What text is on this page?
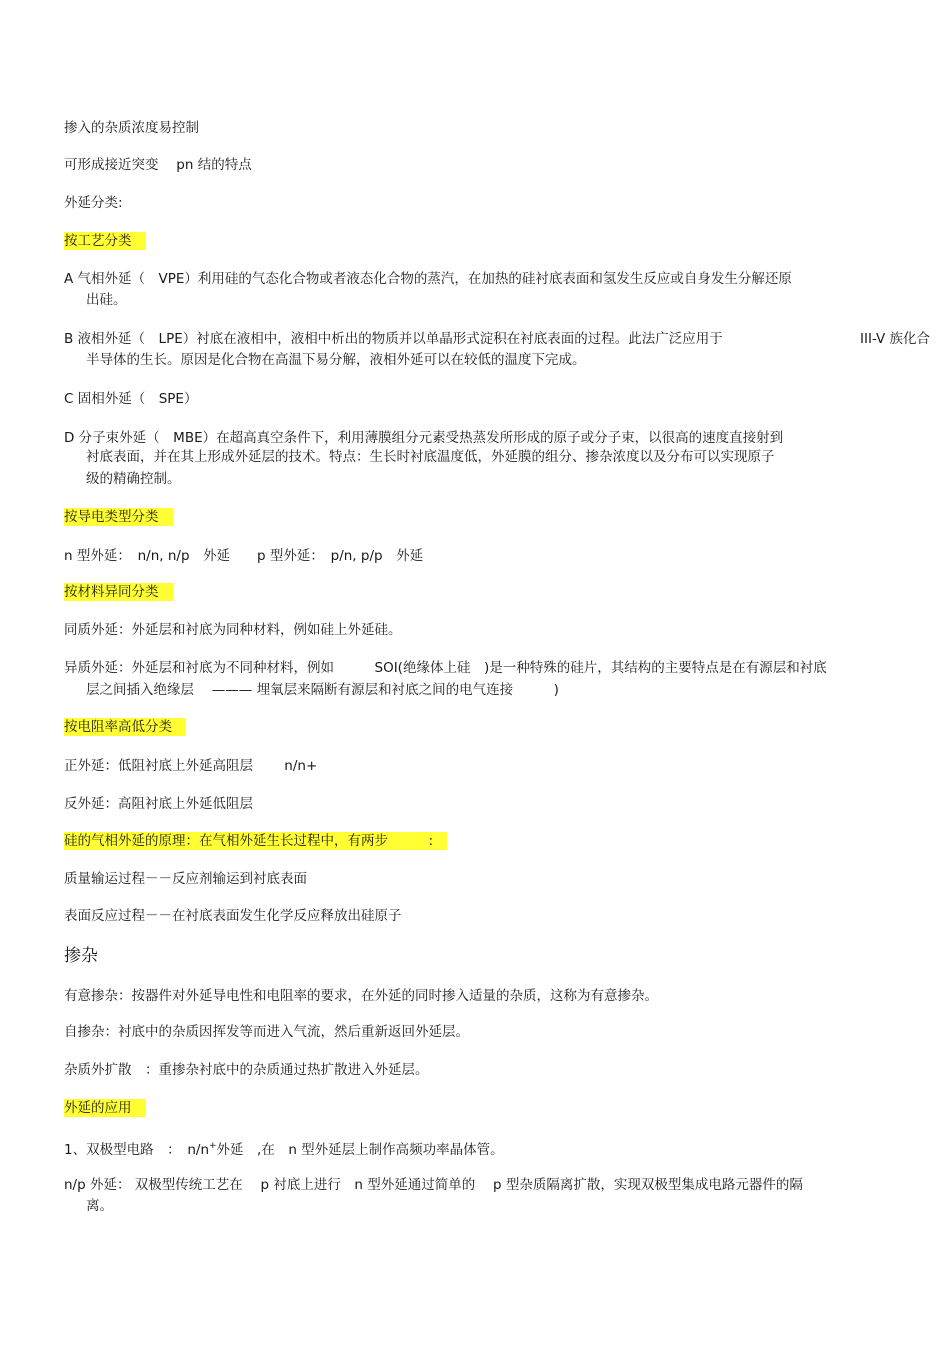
掺入的杂质浓度易控制
可形成接近突变　 pn 结的特点
外延分类:
按工艺分类
A 气相外延（　VPE）利用硅的气态化合物或者液态化合物的蒸汽，在加热的硅衬底表面和氢发生反应或自身发生分解还原
出硅。
B 液相外延（　LPE）衬底在液相中，液相中析出的物质并以单晶形式淀积在衬底表面的过程。此法广泛应用于	III-V 族化合
半导体的生长。原因是化合物在高温下易分解，液相外延可以在较低的温度下完成。
C 固相外延（　SPE）
D 分子束外延（　MBE）在超高真空条件下，利用薄膜组分元素受热蒸发所形成的原子或分子束，以很高的速度直接射到
衬底表面，并在其上形成外延层的技术。特点：生长时衬底温度低，外延膜的组分、掺杂浓度以及分布可以实现原子
级的精确控制。
按导电类型分类
n 型外延：　n/n, n/p　外延　　p 型外延：　p/n, p/p　外延
按材料异同分类
同质外延：外延层和衬底为同种材料，例如硅上外延硅。
异质外延：外延层和衬底为不同种材料，例如　　　SOI(绝缘体上硅　)是一种特殊的硅片，其结构的主要特点是在有源层和衬底
层之间插入绝缘层　 ——— 埋氧层来隔断有源层和衬底之间的电气连接　　　)
按电阻率高低分类
正外延：低阻衬底上外延高阻层　　 n/n+
反外延：高阻衬底上外延低阻层
硅的气相外延的原理：在气相外延生长过程中，有两步　　　:
质量输运过程－－反应剂输运到衬底表面
表面反应过程－－在衬底表面发生化学反应释放出硅原子
掺杂
有意掺杂：按器件对外延导电性和电阻率的要求，在外延的同时掺入适量的杂质，这称为有意掺杂。
自掺杂：衬底中的杂质因挥发等而进入气流，然后重新返回外延层。
杂质外扩散　：重掺杂衬底中的杂质通过热扩散进入外延层。
外延的应用
1、双极型电路　：　n/n+外延　,在　n 型外延层上制作高频功率晶体管。
n/p 外延： 双极型传统工艺在　 p 衬底上进行　n 型外延通过简单的　 p 型杂质隔离扩散，实现双极型集成电路元器件的隔
离。
